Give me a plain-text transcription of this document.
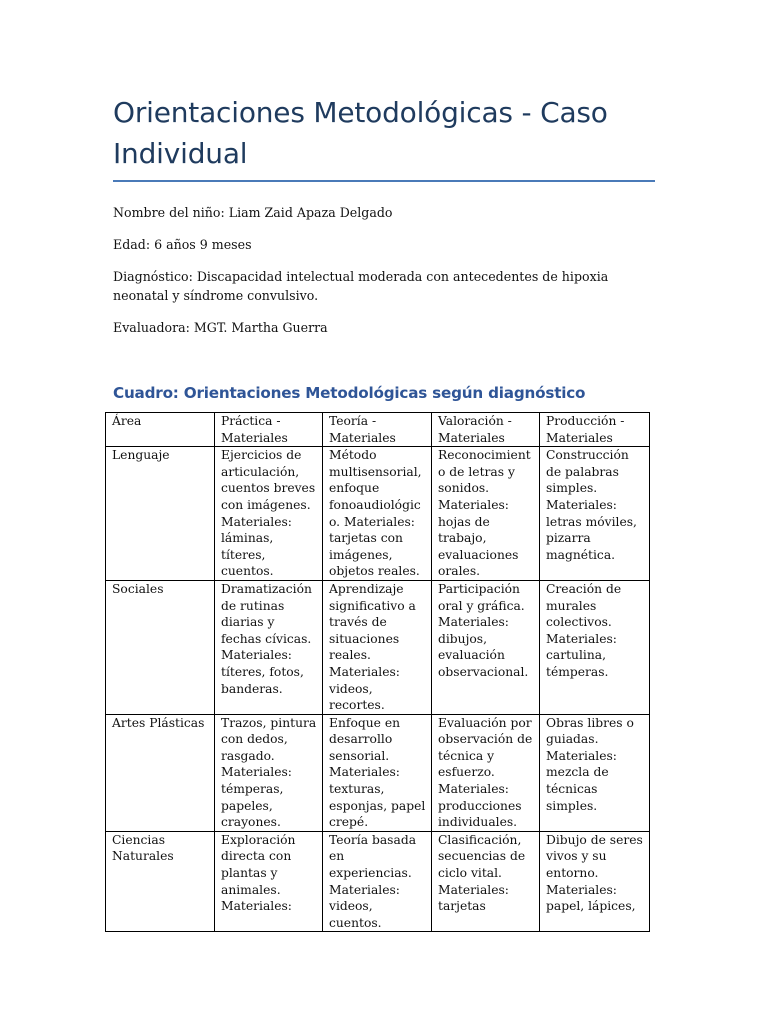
Orientaciones Metodológicas - Caso Individual

Nombre del niño: Liam Zaid Apaza Delgado

Edad: 6 años 9 meses

Diagnóstico: Discapacidad intelectual moderada con antecedentes de hipoxia neonatal y síndrome convulsivo.

Evaluadora: MGT. Martha Guerra

Cuadro: Orientaciones Metodológicas según diagnóstico
Área	Práctica - Materiales	Teoría - Materiales	Valoración - Materiales	Producción - Materiales
Lenguaje	Ejercicios de articulación, cuentos breves con imágenes. Materiales: láminas, títeres, cuentos.	Método multisensorial, enfoque fonoaudiológico. Materiales: tarjetas con imágenes, objetos reales.	Reconocimiento de letras y sonidos. Materiales: hojas de trabajo, evaluaciones orales.	Construcción de palabras simples. Materiales: letras móviles, pizarra magnética.
Sociales	Dramatización de rutinas diarias y fechas cívicas. Materiales: títeres, fotos, banderas.	Aprendizaje significativo a través de situaciones reales. Materiales: videos, recortes.	Participación oral y gráfica. Materiales: dibujos, evaluación observacional.	Creación de murales colectivos. Materiales: cartulina, témperas.
Artes Plásticas	Trazos, pintura con dedos, rasgado. Materiales: témperas, papeles, crayones.	Enfoque en desarrollo sensorial. Materiales: texturas, esponjas, papel crepé.	Evaluación por observación de técnica y esfuerzo. Materiales: producciones individuales.	Obras libres o guiadas. Materiales: mezcla de técnicas simples.
Ciencias Naturales	Exploración directa con plantas y animales. Materiales:	Teoría basada en experiencias. Materiales: videos, cuentos.	Clasificación, secuencias de ciclo vital. Materiales: tarjetas	Dibujo de seres vivos y su entorno. Materiales: papel, lápices,
